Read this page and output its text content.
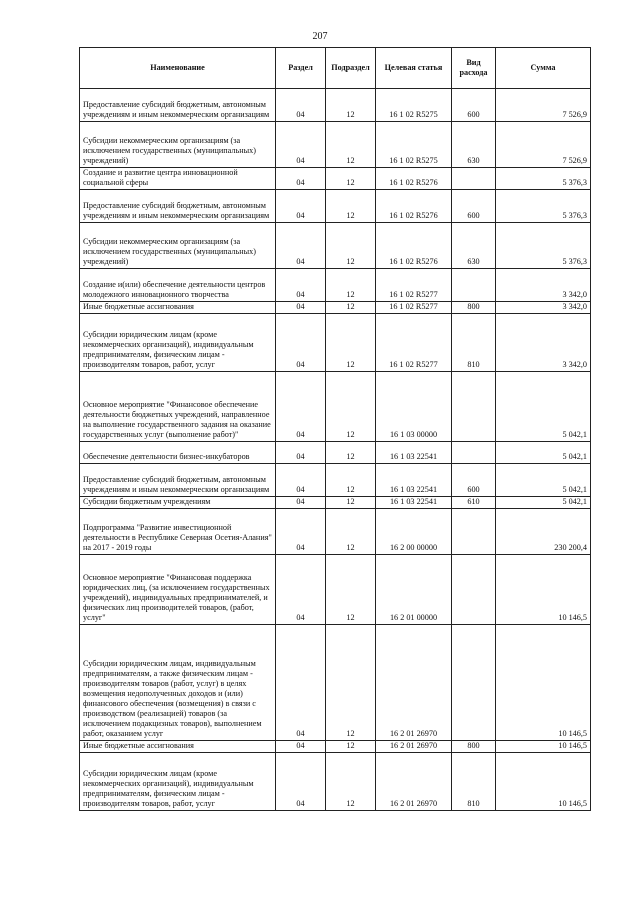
207
Наименование	Раздел	Подраздел	Целевая статья	Вид расхода	Сумма
Предоставление субсидий бюджетным, автономным учреждениям и иным некоммерческим организациям	04	12	16 1 02 R5275	600	7 526,9
Субсидии некоммерческим организациям (за исключением государственных (муниципальных) учреждений)	04	12	16 1 02 R5275	630	7 526,9
Создание и развитие центра инновационной социальной сферы	04	12	16 1 02 R5276		5 376,3
Предоставление субсидий бюджетным, автономным учреждениям и иным некоммерческим организациям	04	12	16 1 02 R5276	600	5 376,3
Субсидии некоммерческим организациям (за исключением государственных (муниципальных) учреждений)	04	12	16 1 02 R5276	630	5 376,3
Создание и(или) обеспечение деятельности центров молодежного инновационного творчества	04	12	16 1 02 R5277		3 342,0
Иные бюджетные ассигнования	04	12	16 1 02 R5277	800	3 342,0
Субсидии юридическим лицам (кроме некоммерческих организаций), индивидуальным предпринимателям, физическим лицам - производителям товаров, работ, услуг	04	12	16 1 02 R5277	810	3 342,0
Основное мероприятие "Финансовое обеспечение деятельности бюджетных учреждений, направленное на выполнение государственного задания на оказание государственных услуг (выполнение работ)"	04	12	16 1 03 00000		5 042,1
Обеспечение деятельности бизнес-инкубаторов	04	12	16 1 03 22541		5 042,1
Предоставление субсидий бюджетным, автономным учреждениям и иным некоммерческим организациям	04	12	16 1 03 22541	600	5 042,1
Субсидии бюджетным учреждениям	04	12	16 1 03 22541	610	5 042,1
Подпрограмма "Развитие инвестиционной деятельности в Республике Северная Осетия-Алания" на 2017 - 2019 годы	04	12	16 2 00 00000		230 200,4
Основное мероприятие "Финансовая поддержка юридических лиц, (за исключением государственных учреждений), индивидуальных предпринимателей, и физических лиц производителей товаров, (работ, услуг"	04	12	16 2 01 00000		10 146,5
Субсидии юридическим лицам, индивидуальным предпринимателям, а также физическим лицам - производителям товаров (работ, услуг) в целях возмещения недополученных доходов и (или) финансового обеспечения (возмещения) в связи с производством (реализацией) товаров (за исключением подакцизных товаров), выполнением работ, оказанием услуг	04	12	16 2 01 26970		10 146,5
Иные бюджетные ассигнования	04	12	16 2 01 26970	800	10 146,5
Субсидии юридическим лицам (кроме некоммерческих организаций), индивидуальным предпринимателям, физическим лицам - производителям товаров, работ, услуг	04	12	16 2 01 26970	810	10 146,5
